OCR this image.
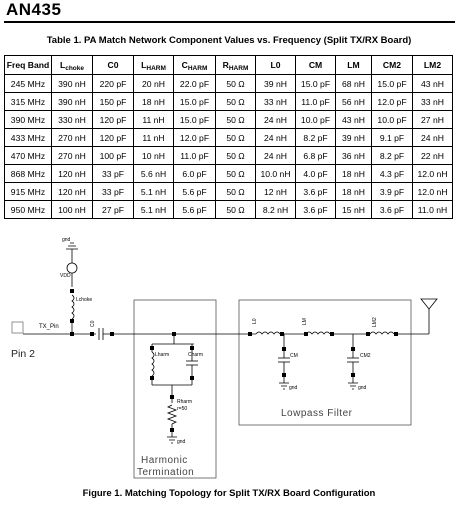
AN435
Table 1. PA Match Network Component Values vs. Frequency (Split TX/RX Board)
Freq Band	$L_{choke}$	C0	$L_{HARM}$	$C_{HARM}$	$R_{HARM}$	L0	CM	LM	CM2	LM2
245 MHz	390 nH	220 pF	20 nH	22.0 pF	50 Ω	39 nH	15.0 pF	68 nH	15.0 pF	43 nH
315 MHz	390 nH	150 pF	18 nH	15.0 pF	50 Ω	33 nH	11.0 pF	56 nH	12.0 pF	33 nH
390 MHz	330 nH	120 pF	11 nH	15.0 pF	50 Ω	24 nH	10.0 pF	43 nH	10.0 pF	27 nH
433 MHz	270 nH	120 pF	11 nH	12.0 pF	50 Ω	24 nH	8.2 pF	39 nH	9.1 pF	24 nH
470 MHz	270 nH	100 pF	10 nH	11.0 pF	50 Ω	24 nH	6.8 pF	36 nH	8.2 pF	22 nH
868 MHz	120 nH	33 pF	5.6 nH	6.0 pF	50 Ω	10.0 nH	4.0 pF	18 nH	4.3 pF	12.0 nH
915 MHz	120 nH	33 pF	5.1 nH	5.6 pF	50 Ω	12 nH	3.6 pF	18 nH	3.9 pF	12.0 nH
950 MHz	100 nH	27 pF	5.1 nH	5.6 pF	50 Ω	8.2 nH	3.6 pF	15 nH	3.6 pF	11.0 nH
gnd
VDD
Lchoke
TX_Pin
Pin 2
C0	L0	LM	LM2
CM
gnd
CM2
gnd
Lharm	Charm
Rharm
r=50
gnd
Harmonic
Termination
Lowpass Filter
Figure 1. Matching Topology for Split TX/RX Board Configuration
